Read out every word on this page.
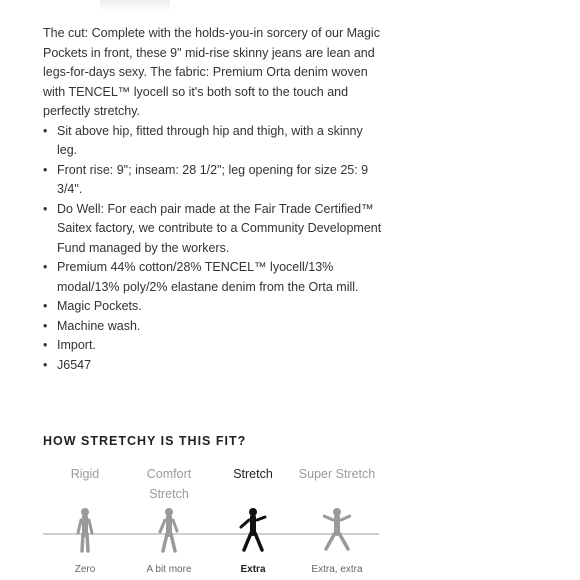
The cut: Complete with the holds-you-in sorcery of our Magic Pockets in front, these 9" mid-rise skinny jeans are lean and legs-for-days sexy. The fabric: Premium Orta denim woven with TENCEL™ lyocell so it's both soft to the touch and perfectly stretchy.

• Sit above hip, fitted through hip and thigh, with a skinny leg.
• Front rise: 9"; inseam: 28 1/2"; leg opening for size 25: 9 3/4".
• Do Well: For each pair made at the Fair Trade Certified™ Saitex factory, we contribute to a Community Development Fund managed by the workers.
• Premium 44% cotton/28% TENCEL™ lyocell/13% modal/13% poly/2% elastane denim from the Orta mill.
• Magic Pockets.
• Machine wash.
• Import.
• J6547
HOW STRETCHY IS THIS FIT?
Rigid
Zero
Comfort Stretch
A bit more
Stretch
Extra
Super Stretch
Extra, extra
